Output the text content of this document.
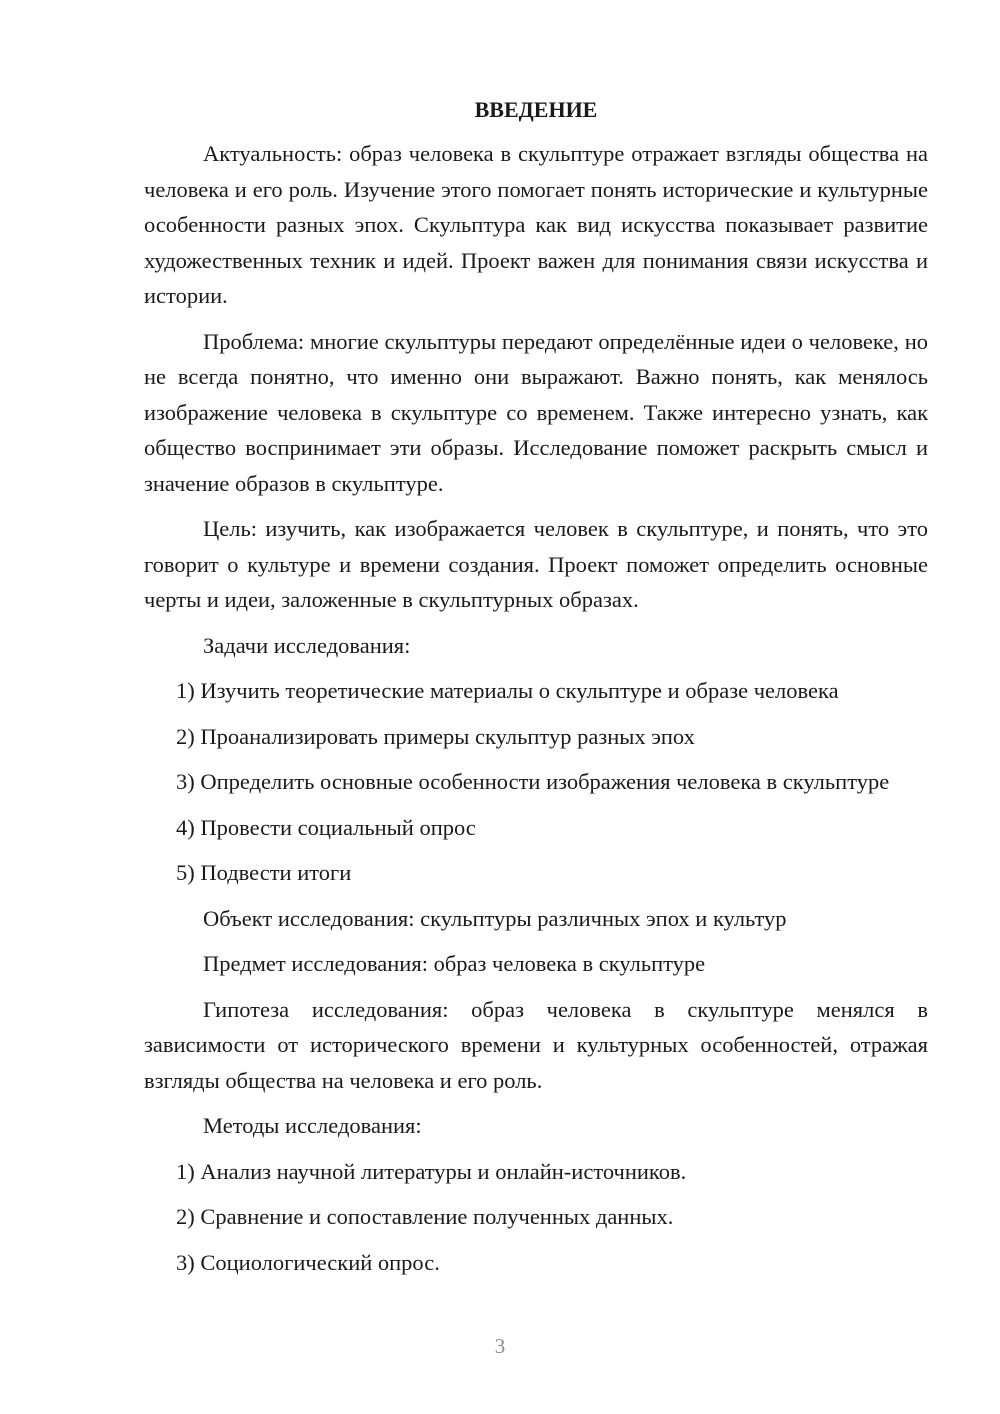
ВВЕДЕНИЕ

Актуальность: образ человека в скульптуре отражает взгляды общества на человека и его роль. Изучение этого помогает понять исторические и культурные особенности разных эпох. Скульптура как вид искусства показывает развитие художественных техник и идей. Проект важен для понимания связи искусства и истории.

Проблема: многие скульптуры передают определённые идеи о человеке, но не всегда понятно, что именно они выражают. Важно понять, как менялось изображение человека в скульптуре со временем. Также интересно узнать, как общество воспринимает эти образы. Исследование поможет раскрыть смысл и значение образов в скульптуре.

Цель: изучить, как изображается человек в скульптуре, и понять, что это говорит о культуре и времени создания. Проект поможет определить основные черты и идеи, заложенные в скульптурных образах.

Задачи исследования:

1) Изучить теоретические материалы о скульптуре и образе человека

2) Проанализировать примеры скульптур разных эпох

3) Определить основные особенности изображения человека в скульптуре

4) Провести социальный опрос

5) Подвести итоги

Объект исследования: скульптуры различных эпох и культур

Предмет исследования: образ человека в скульптуре

Гипотеза исследования: образ человека в скульптуре менялся в зависимости от исторического времени и культурных особенностей, отражая взгляды общества на человека и его роль.

Методы исследования:

1) Анализ научной литературы и онлайн-источников.

2) Сравнение и сопоставление полученных данных.

3) Социологический опрос.

3
